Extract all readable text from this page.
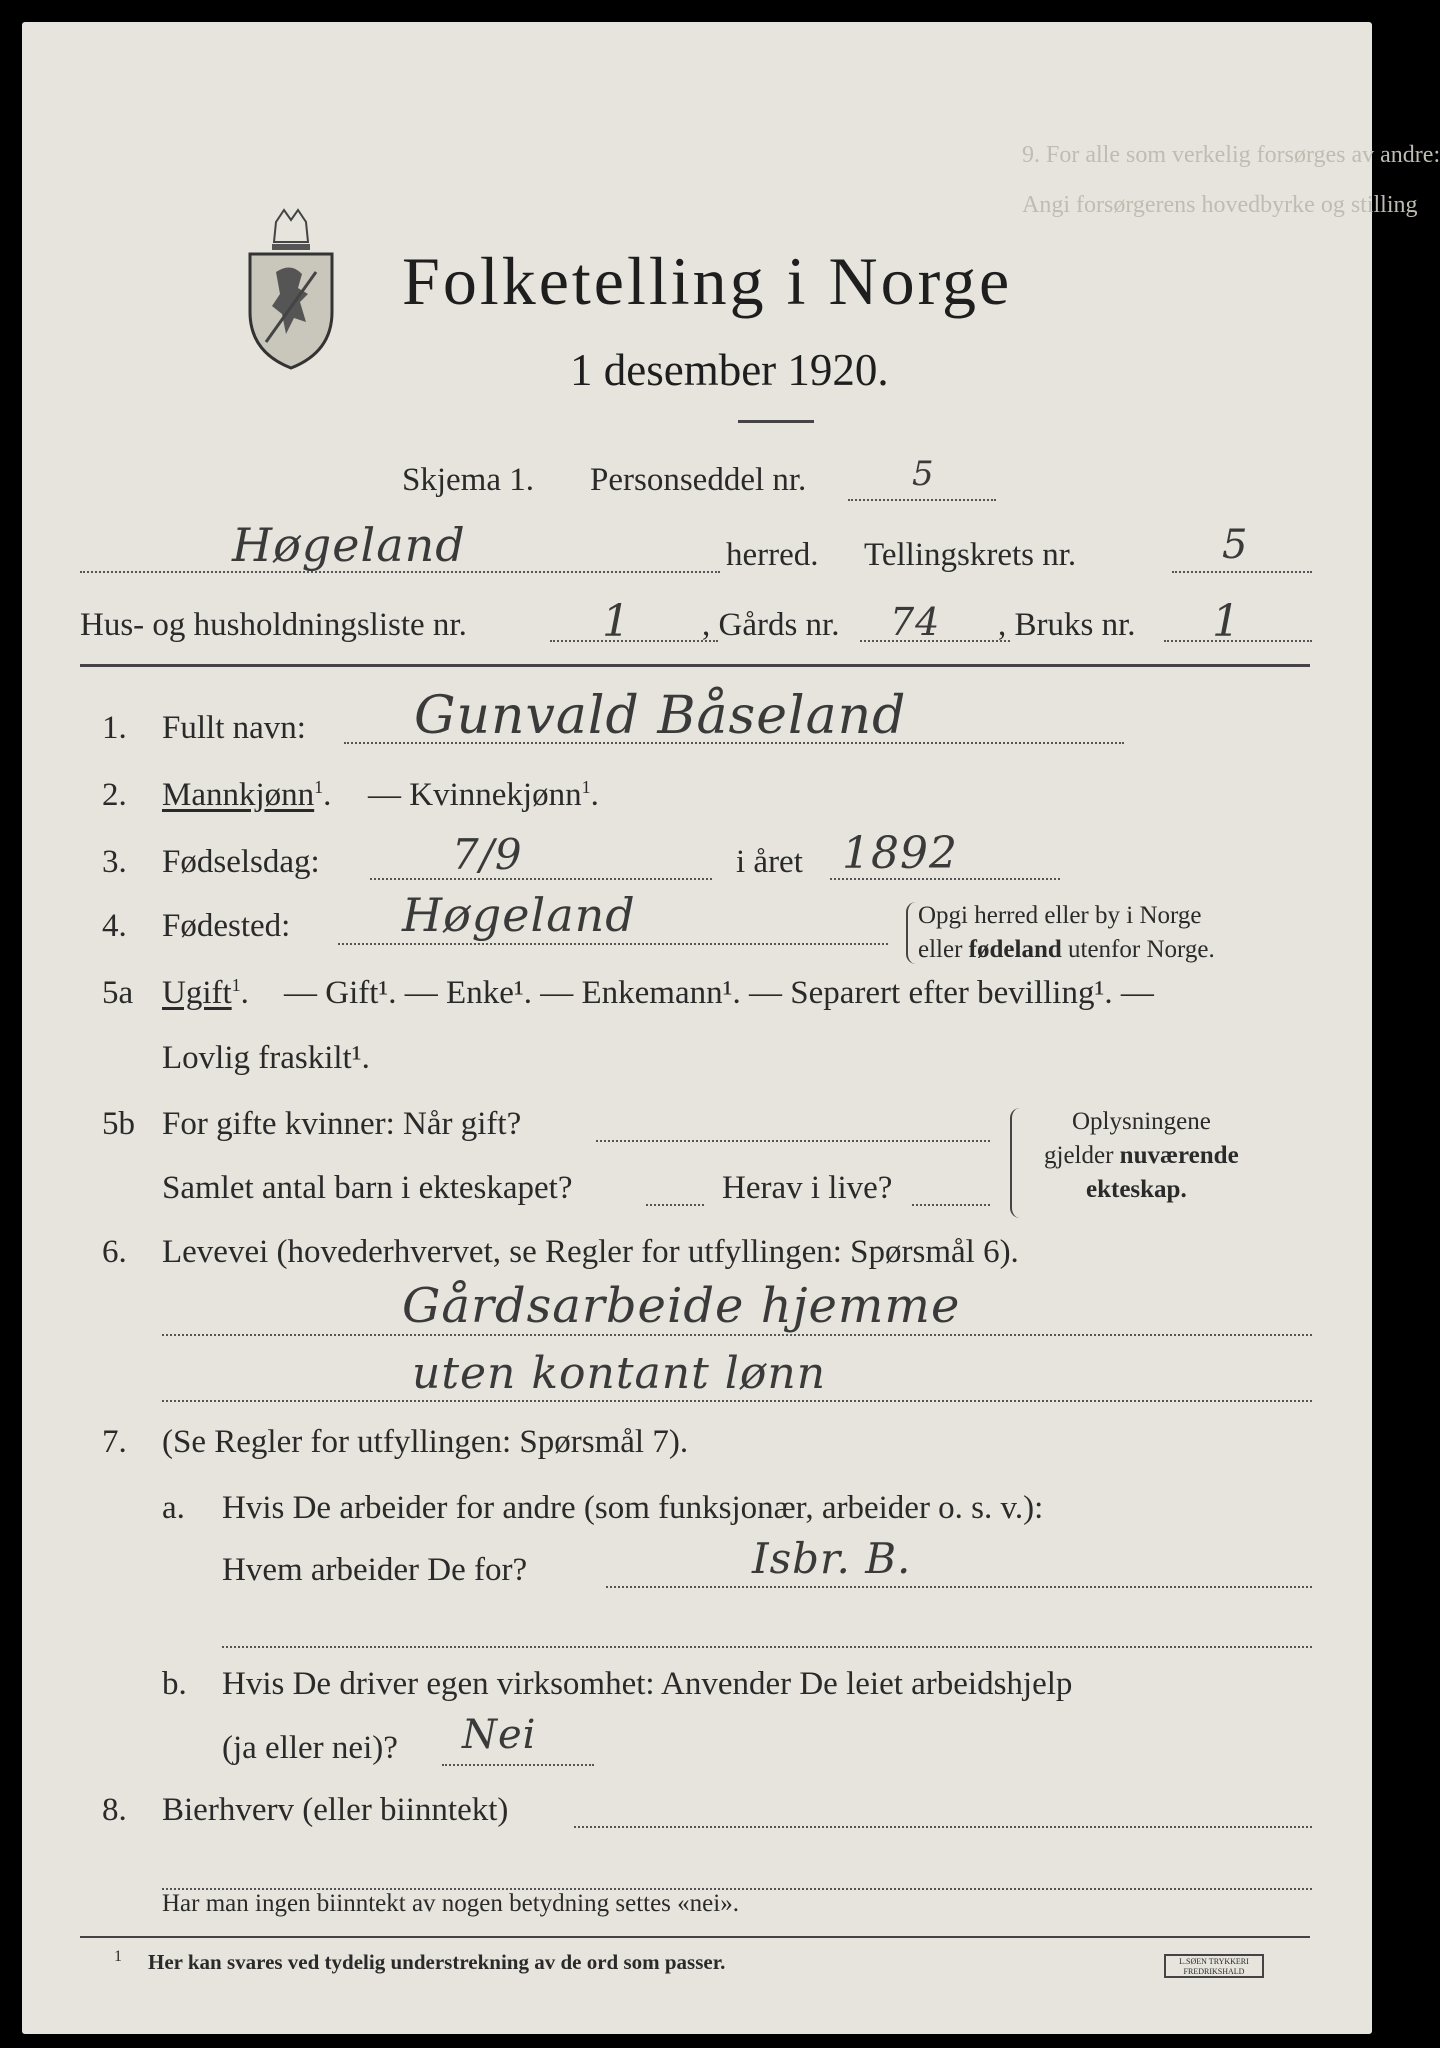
9. For alle som verkelig forsørges av andre:
Angi forsørgerens hovedbyrke og stilling
Folketelling i Norge
1 desember 1920.
Skjema 1. Personseddel nr.	5
Høgeland	herred. Tellingskrets nr.	5
Hus- og husholdningsliste nr.	1 , Gårds nr. 74 , Bruks nr. 1
1. Fullt navn: Gunvald Båseland
2. Mannkjønn$^1$. — Kvinnekjønn$^1$.
3. Fødselsdag:	7/9	i året 1892
4. Fødested: Høgeland	Opgi herred eller by i Norge
eller fødeland utenfor Norge.
5a Ugift$^1$. — Gift¹. — Enke¹. — Enkemann¹. — Separert efter bevilling¹. —
Lovlig fraskilt¹.
5b For gifte kvinner: Når gift?
Samlet antal barn i ekteskapet?	Herav i live?
Oplysningene
gjelder nuværende
ekteskap.
6. Levevei (hovederhvervet, se Regler for utfyllingen: Spørsmål 6).
Gårdsarbeide hjemme
uten kontant lønn
7. (Se Regler for utfyllingen: Spørsmål 7).
a. Hvis De arbeider for andre (som funksjonær, arbeider o. s. v.):
Hvem arbeider De for?	Isbr. B.
b. Hvis De driver egen virksomhet: Anvender De leiet arbeidshjelp
(ja eller nei)? Nei
8. Bierhverv (eller biinntekt)
Har man ingen biinntekt av nogen betydning settes «nei».
1 Her kan svares ved tydelig understrekning av de ord som passer.	L.SØEN TRYKKERI FREDRIKSHALD
